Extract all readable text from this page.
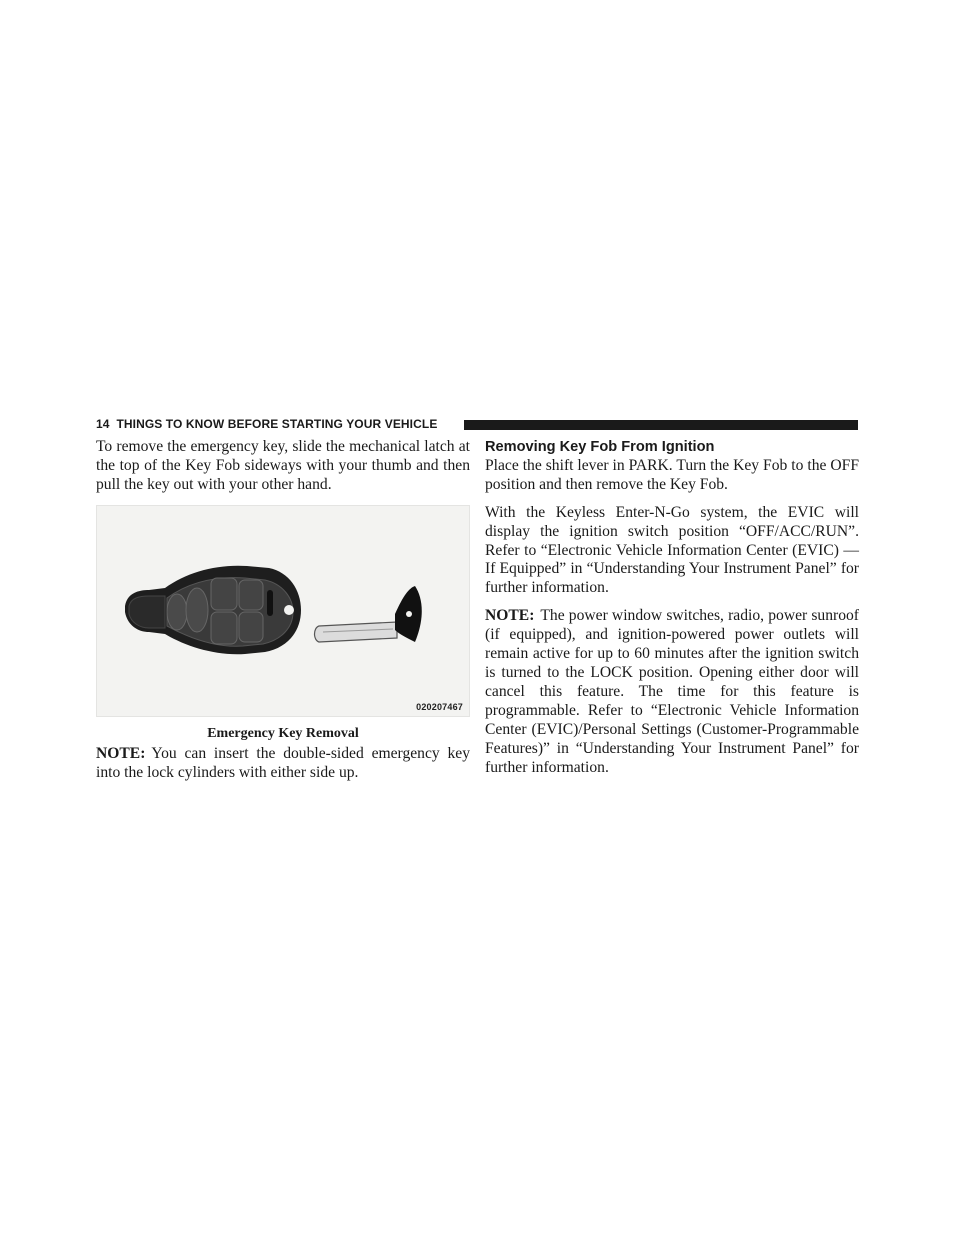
14 THINGS TO KNOW BEFORE STARTING YOUR VEHICLE

To remove the emergency key, slide the mechanical latch at the top of the Key Fob sideways with your thumb and then pull the key out with your other hand.

020207467
Emergency Key Removal

NOTE: You can insert the double-sided emergency key into the lock cylinders with either side up.

Removing Key Fob From Ignition

Place the shift lever in PARK. Turn the Key Fob to the OFF position and then remove the Key Fob.

With the Keyless Enter-N-Go system, the EVIC will display the ignition switch position “OFF/ACC/RUN”. Refer to “Electronic Vehicle Information Center (EVIC) — If Equipped” in “Understanding Your Instrument Panel” for further information.

NOTE: The power window switches, radio, power sunroof (if equipped), and ignition-powered power outlets will remain active for up to 60 minutes after the ignition switch is turned to the LOCK position. Opening either door will cancel this feature. The time for this feature is programmable. Refer to “Electronic Vehicle Information Center (EVIC)/Personal Settings (Customer-Programmable Features)” in “Understanding Your Instrument Panel” for further information.
